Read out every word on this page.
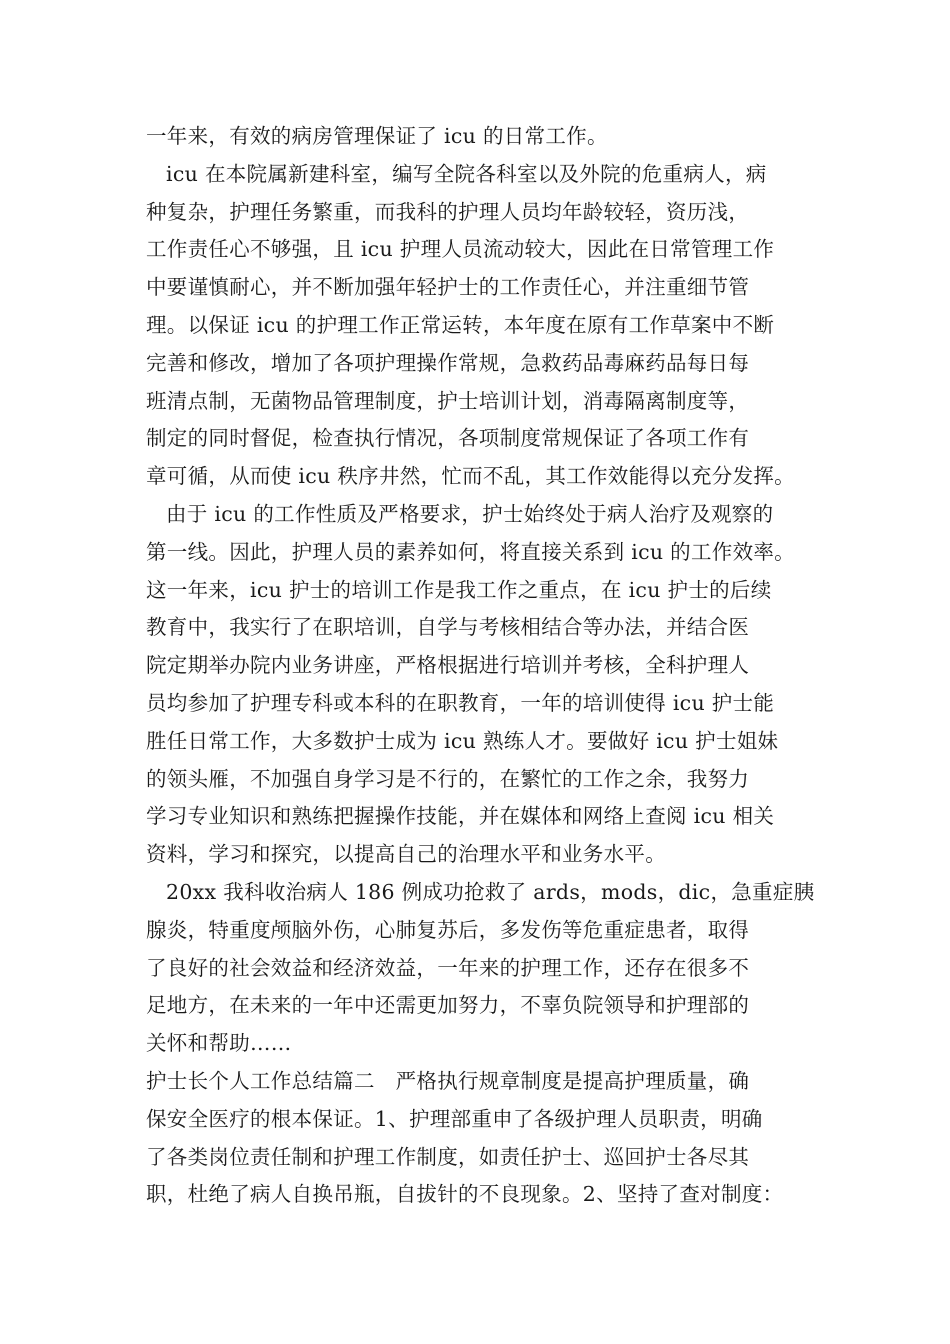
一年来，有效的病房管理保证了 icu 的日常工作。
icu 在本院属新建科室，编写全院各科室以及外院的危重病人，病
种复杂，护理任务繁重，而我科的护理人员均年龄较轻，资历浅，
工作责任心不够强，且 icu 护理人员流动较大，因此在日常管理工作
中要谨慎耐心，并不断加强年轻护士的工作责任心，并注重细节管
理。以保证 icu 的护理工作正常运转，本年度在原有工作草案中不断
完善和修改，增加了各项护理操作常规，急救药品毒麻药品每日每
班清点制，无菌物品管理制度，护士培训计划，消毒隔离制度等，
制定的同时督促，检查执行情况，各项制度常规保证了各项工作有
章可循，从而使 icu 秩序井然，忙而不乱，其工作效能得以充分发挥。
由于 icu 的工作性质及严格要求，护士始终处于病人治疗及观察的
第一线。因此，护理人员的素养如何，将直接关系到 icu 的工作效率。
这一年来，icu 护士的培训工作是我工作之重点，在 icu 护士的后续
教育中，我实行了在职培训，自学与考核相结合等办法，并结合医
院定期举办院内业务讲座，严格根据进行培训并考核，全科护理人
员均参加了护理专科或本科的在职教育，一年的培训使得 icu 护士能
胜任日常工作，大多数护士成为 icu 熟练人才。要做好 icu 护士姐妹
的领头雁，不加强自身学习是不行的，在繁忙的工作之余，我努力
学习专业知识和熟练把握操作技能，并在媒体和网络上查阅 icu 相关
资料，学习和探究，以提高自己的治理水平和业务水平。
20xx 我科收治病人 186 例成功抢救了 ards，mods，dic，急重症胰
腺炎，特重度颅脑外伤，心肺复苏后，多发伤等危重症患者，取得
了良好的社会效益和经济效益，一年来的护理工作，还存在很多不
足地方，在未来的一年中还需更加努力，不辜负院领导和护理部的
关怀和帮助……
护士长个人工作总结篇二　严格执行规章制度是提高护理质量，确
保安全医疗的根本保证。1、护理部重申了各级护理人员职责，明确
了各类岗位责任制和护理工作制度，如责任护士、巡回护士各尽其
职，杜绝了病人自换吊瓶，自拔针的不良现象。2、坚持了查对制度：
